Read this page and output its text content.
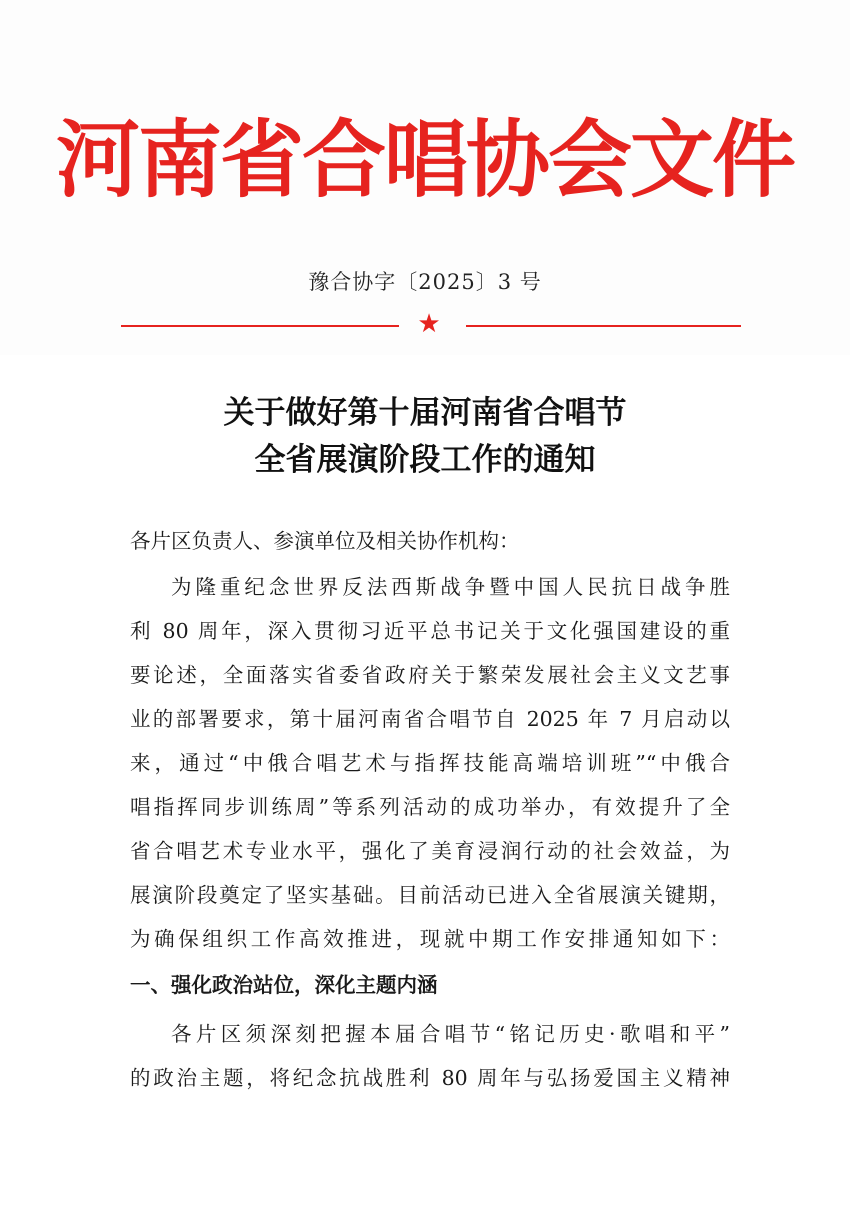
河南省合唱协会文件
豫合协字〔2025〕3 号
★
关于做好第十届河南省合唱节
全省展演阶段工作的通知
各片区负责人、参演单位及相关协作机构：
为隆重纪念世界反法西斯战争暨中国人民抗日战争胜
利 80 周年，深入贯彻习近平总书记关于文化强国建设的重
要论述，全面落实省委省政府关于繁荣发展社会主义文艺事
业的部署要求，第十届河南省合唱节自 2025 年 7 月启动以
来，通过“中俄合唱艺术与指挥技能高端培训班”“中俄合
唱指挥同步训练周”等系列活动的成功举办，有效提升了全
省合唱艺术专业水平，强化了美育浸润行动的社会效益，为
展演阶段奠定了坚实基础。目前活动已进入全省展演关键期，
为确保组织工作高效推进，现就中期工作安排通知如下：
一、强化政治站位，深化主题内涵
各片区须深刻把握本届合唱节“铭记历史·歌唱和平”
的政治主题，将纪念抗战胜利 80 周年与弘扬爱国主义精神
